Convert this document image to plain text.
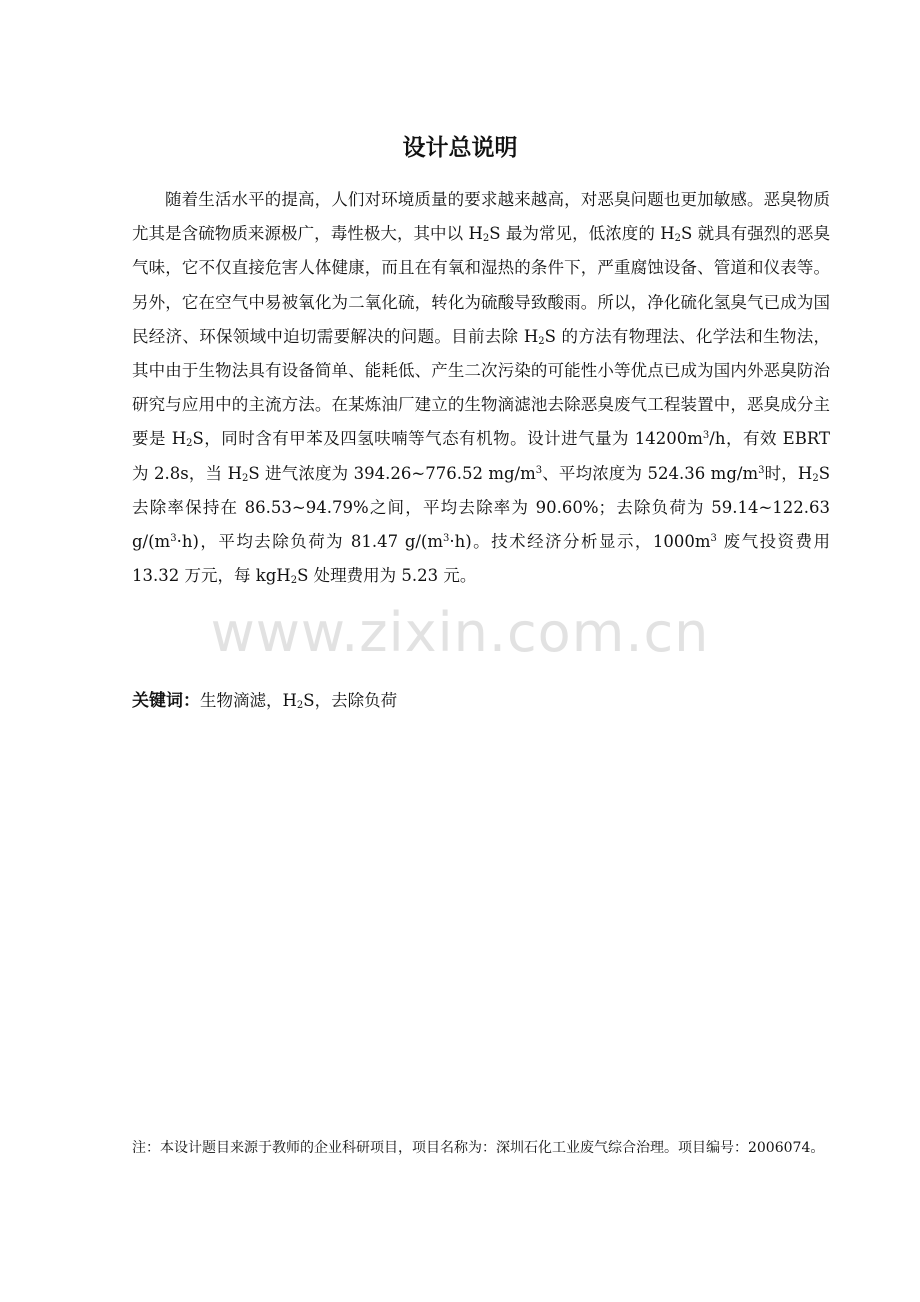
设计总说明

随着生活水平的提高，人们对环境质量的要求越来越高，对恶臭问题也更加敏感。恶臭物质尤其是含硫物质来源极广，毒性极大，其中以 $H_2S$ 最为常见，低浓度的 $H_2S$ 就具有强烈的恶臭气味，它不仅直接危害人体健康，而且在有氧和湿热的条件下，严重腐蚀设备、管道和仪表等。另外，它在空气中易被氧化为二氧化硫，转化为硫酸导致酸雨。所以，净化硫化氢臭气已成为国民经济、环保领域中迫切需要解决的问题。目前去除 $H_2S$ 的方法有物理法、化学法和生物法，其中由于生物法具有设备简单、能耗低、产生二次污染的可能性小等优点已成为国内外恶臭防治研究与应用中的主流方法。在某炼油厂建立的生物滴滤池去除恶臭废气工程装置中，恶臭成分主要是 $H_2S$，同时含有甲苯及四氢呋喃等气态有机物。设计进气量为 $14200m^3/h$，有效 EBRT 为 2.8s，当 $H_2S$ 进气浓度为 394.26~776.52 $mg/m^3$、平均浓度为 524.36 $mg/m^3$时，$H_2S$ 去除率保持在 86.53~94.79%之间，平均去除率为 90.60%；去除负荷为 59.14~122.63 $g/(m^3\cdot h)$，平均去除负荷为 81.47 $g/(m^3\cdot h)$。技术经济分析显示，$1000m^3$ 废气投资费用 13.32 万元，每 kgH$_2$S 处理费用为 5.23 元。

www.zixin.com.cn
关键词：生物滴滤，$H_2S$，去除负荷
注：本设计题目来源于教师的企业科研项目，项目名称为：深圳石化工业废气综合治理。项目编号：2006074。
